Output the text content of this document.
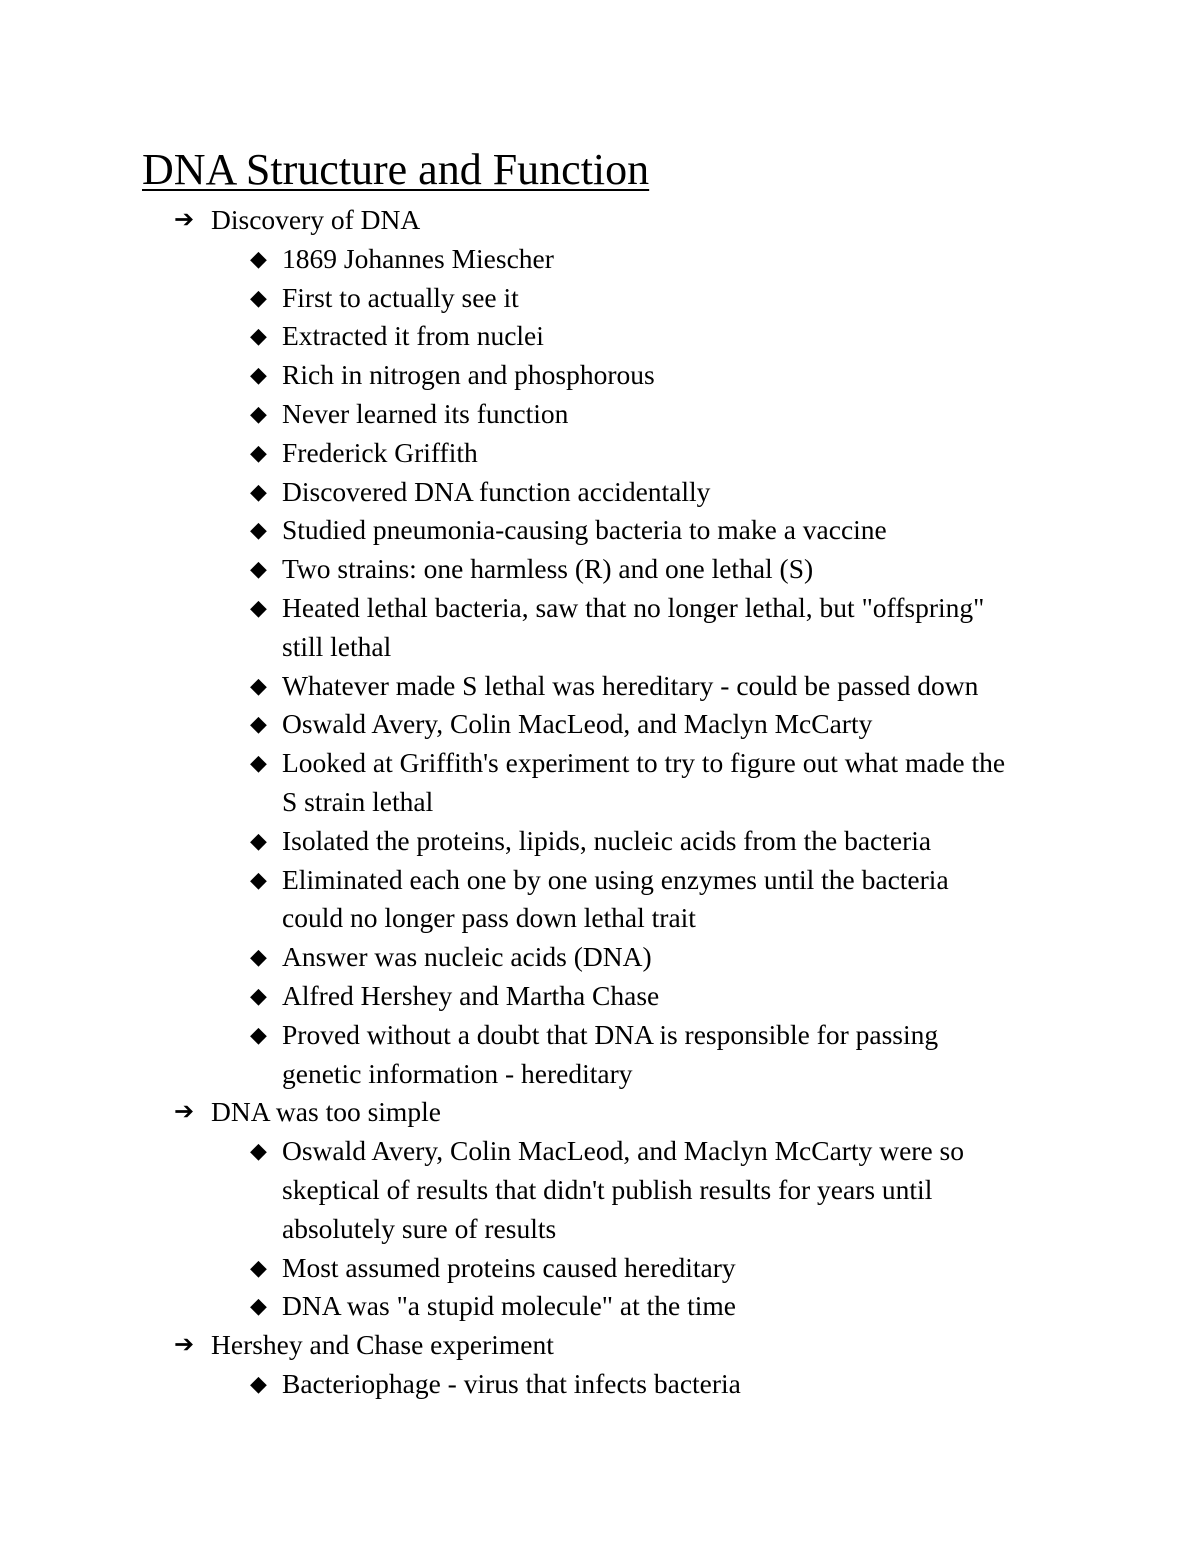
DNA Structure and Function
➔ Discovery of DNA
◆ 1869 Johannes Miescher
◆ First to actually see it
◆ Extracted it from nuclei
◆ Rich in nitrogen and phosphorous
◆ Never learned its function
◆ Frederick Griffith
◆ Discovered DNA function accidentally
◆ Studied pneumonia-causing bacteria to make a vaccine
◆ Two strains: one harmless (R) and one lethal (S)
◆ Heated lethal bacteria, saw that no longer lethal, but "offspring"
still lethal
◆ Whatever made S lethal was hereditary - could be passed down
◆ Oswald Avery, Colin MacLeod, and Maclyn McCarty
◆ Looked at Griffith's experiment to try to figure out what made the
S strain lethal
◆ Isolated the proteins, lipids, nucleic acids from the bacteria
◆ Eliminated each one by one using enzymes until the bacteria
could no longer pass down lethal trait
◆ Answer was nucleic acids (DNA)
◆ Alfred Hershey and Martha Chase
◆ Proved without a doubt that DNA is responsible for passing
genetic information - hereditary
➔ DNA was too simple
◆ Oswald Avery, Colin MacLeod, and Maclyn McCarty were so
skeptical of results that didn't publish results for years until
absolutely sure of results
◆ Most assumed proteins caused hereditary
◆ DNA was "a stupid molecule" at the time
➔ Hershey and Chase experiment
◆ Bacteriophage - virus that infects bacteria
